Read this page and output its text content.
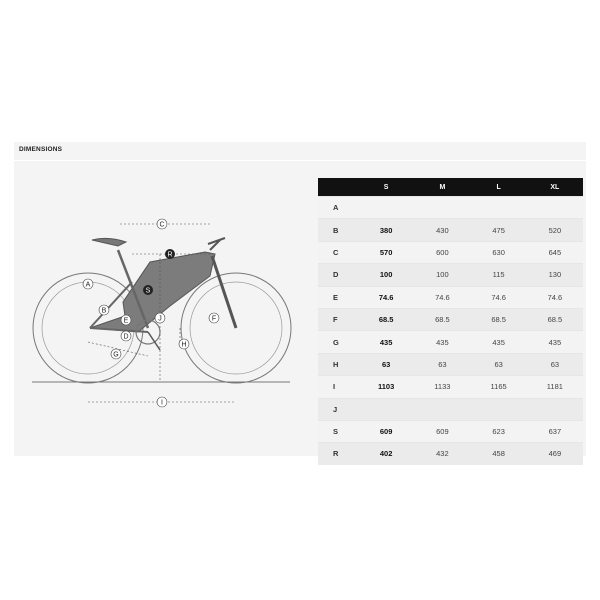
DIMENSIONS
C
R
S
A
B
E
D
J	F
H
G
I
	S	M	L	XL
A				
B	380	430	475	520
C	570	600	630	645
D	100	100	115	130
E	74.6	74.6	74.6	74.6
F	68.5	68.5	68.5	68.5
G	435	435	435	435
H	63	63	63	63
I	1103	1133	1165	1181
J				
S	609	609	623	637
R	402	432	458	469
